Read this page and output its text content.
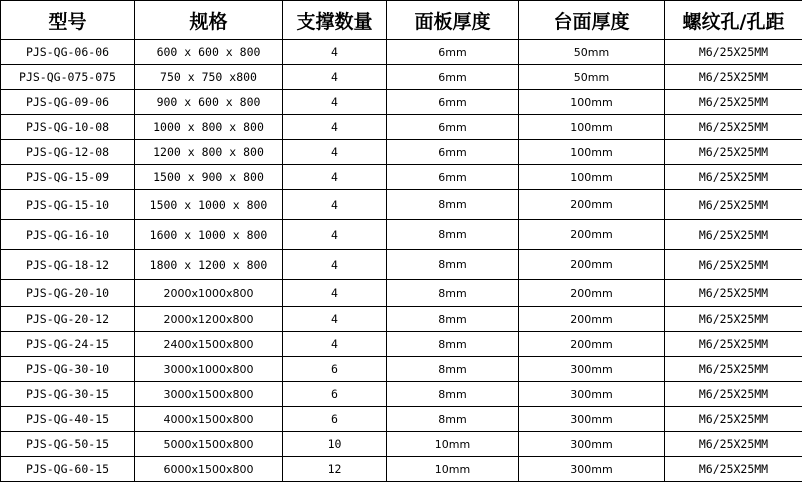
型号	规格	支撑数量	面板厚度	台面厚度	螺纹孔/孔距
PJS-QG-06-06	600 x 600 x 800	4	6mm	50mm	M6/25X25MM
PJS-QG-075-075	750 x 750 x800	4	6mm	50mm	M6/25X25MM
PJS-QG-09-06	900 x 600 x 800	4	6mm	100mm	M6/25X25MM
PJS-QG-10-08	1000 x 800 x 800	4	6mm	100mm	M6/25X25MM
PJS-QG-12-08	1200 x 800 x 800	4	6mm	100mm	M6/25X25MM
PJS-QG-15-09	1500 x 900 x 800	4	6mm	100mm	M6/25X25MM
PJS-QG-15-10	1500 x 1000 x 800	4	8mm	200mm	M6/25X25MM
PJS-QG-16-10	1600 x 1000 x 800	4	8mm	200mm	M6/25X25MM
PJS-QG-18-12	1800 x 1200 x 800	4	8mm	200mm	M6/25X25MM
PJS-QG-20-10	2000x1000x800	4	8mm	200mm	M6/25X25MM
PJS-QG-20-12	2000x1200x800	4	8mm	200mm	M6/25X25MM
PJS-QG-24-15	2400x1500x800	4	8mm	200mm	M6/25X25MM
PJS-QG-30-10	3000x1000x800	6	8mm	300mm	M6/25X25MM
PJS-QG-30-15	3000x1500x800	6	8mm	300mm	M6/25X25MM
PJS-QG-40-15	4000x1500x800	6	8mm	300mm	M6/25X25MM
PJS-QG-50-15	5000x1500x800	10	10mm	300mm	M6/25X25MM
PJS-QG-60-15	6000x1500x800	12	10mm	300mm	M6/25X25MM
